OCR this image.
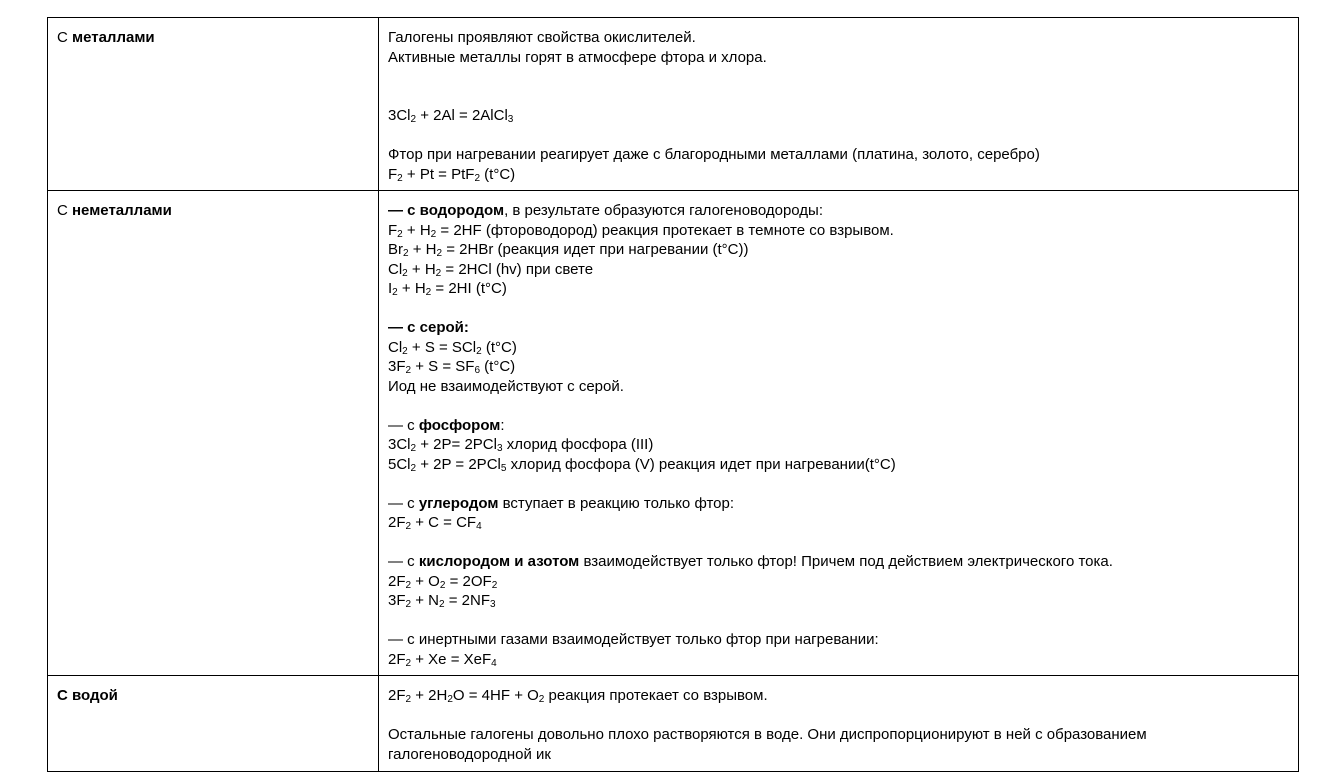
С металлами	Галогены проявляют свойства окислителей.
Активные металлы горят в атмосфере фтора и хлора.
$3Cl_2 + 2Al$ = 2AlCl$_3$
Фтор при нагревании реагирует даже с благородными металлами (платина, золото, серебро)
$F_2 + Pt = PtF_2$ (t°C)

С неметаллами	— с водородом, в результате образуются галогеноводороды:
$F_2 + H_2 = 2HF$ (фтороводород) реакция протекает в темноте со взрывом.
$Br_2 + H_2 = 2HBr$ (реакция идет при нагревании (t°C))
$Cl_2 + H_2 = 2HCl$ (hv) при свете
$I_2 + H_2 = 2HI$ (t°C)
— с серой:
$Cl_2 + S = SCl_2$ (t°C)
$3F_2 + S = SF_6$ (t°C)
Иод не взаимодействуют с серой.
— с фосфором:
$3Cl_2 + 2P= 2PCl_3$ хлорид фосфора (III)
$5Cl_2 + 2P = 2PCl_5$ хлорид фосфора (V) реакция идет при нагревании(t°C)
— с углеродом вступает в реакцию только фтор:
$2F_2 + C = CF_4$
— с кислородом и азотом взаимодействует только фтор! Причем под действием электрического тока.
$2F_2 + O_2 = 2OF_2$
$3F_2 + N_2 = 2NF_3$
— с инертными газами взаимодействует только фтор при нагревании:
$2F_2 + Xe = XeF_4$

С водой	$2F_2 + 2H_2O = 4HF + O_2$ реакция протекает со взрывом.
Остальные галогены довольно плохо растворяются в воде. Они диспропорционируют в ней с образованием галогеноводородной ик
